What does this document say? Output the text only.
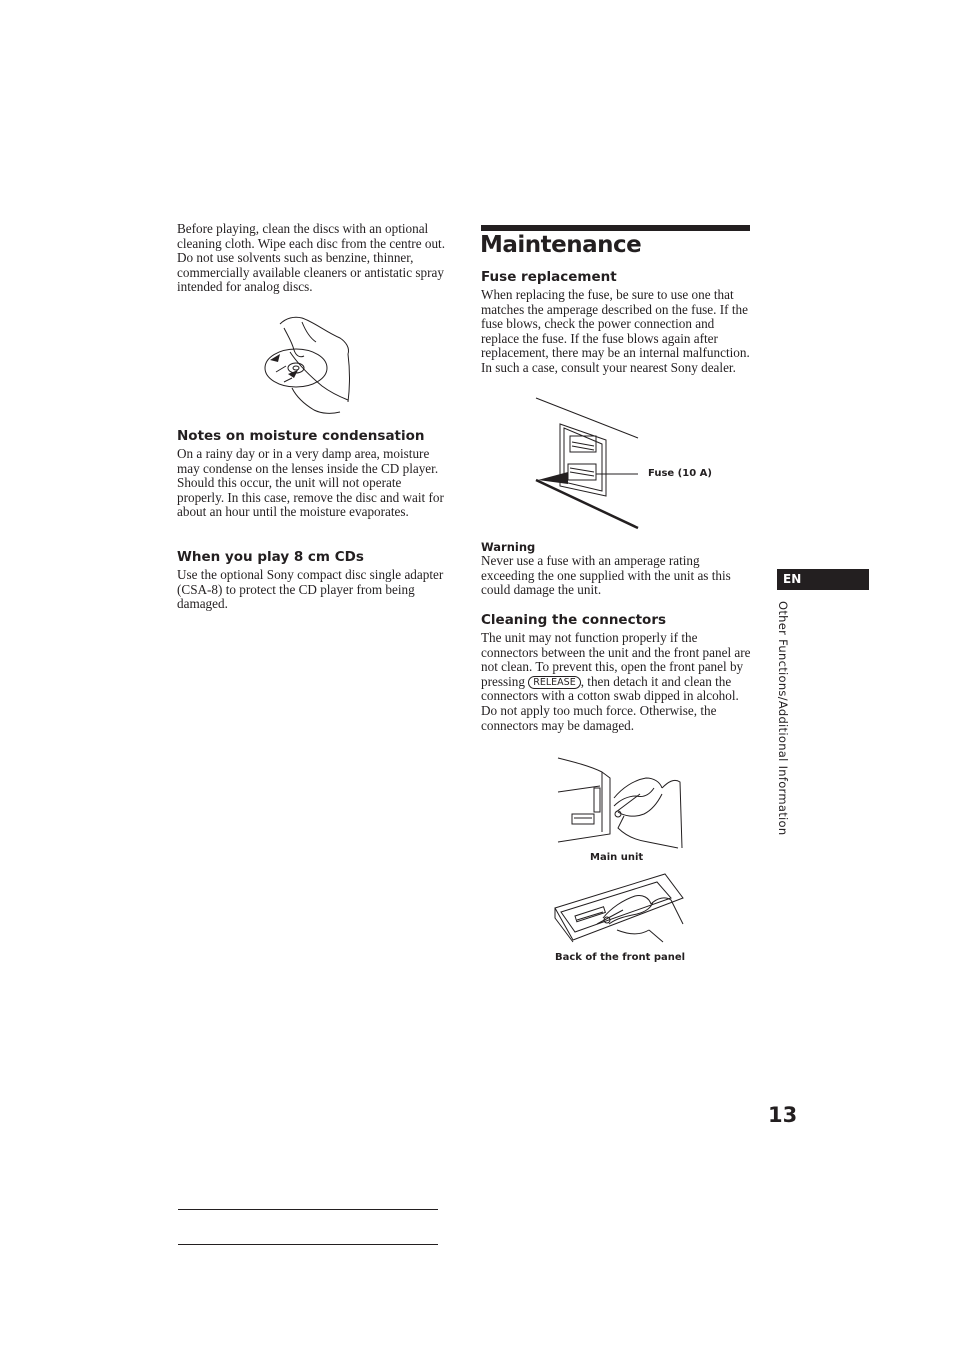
Before playing, clean the discs with an optional cleaning cloth. Wipe each disc from the centre out.

Do not use solvents such as benzine, thinner, commercially available cleaners or antistatic spray intended for analog discs.

Notes on moisture condensation

On a rainy day or in a very damp area, moisture may condense on the lenses inside the CD player. Should this occur, the unit will not operate properly. In this case, remove the disc and wait for about an hour until the moisture evaporates.

When you play 8 cm CDs

Use the optional Sony compact disc single adapter (CSA-8) to protect the CD player from being damaged.

Maintenance
Fuse replacement

When replacing the fuse, be sure to use one that matches the amperage described on the fuse. If the fuse blows, check the power connection and replace the fuse. If the fuse blows again after replacement, there may be an internal malfunction. In such a case, consult your nearest Sony dealer.

Fuse (10 A)
Warning

Never use a fuse with an amperage rating exceeding the one supplied with the unit as this could damage the unit.

Cleaning the connectors

The unit may not function properly if the connectors between the unit and the front panel are not clean. To prevent this, open the front panel by pressing RELEASE , then detach it and clean the connectors with a cotton swab dipped in alcohol. Do not apply too much force. Otherwise, the connectors may be damaged.

Main unit
Back of the front panel
EN
Other Functions/Additional Information
13
